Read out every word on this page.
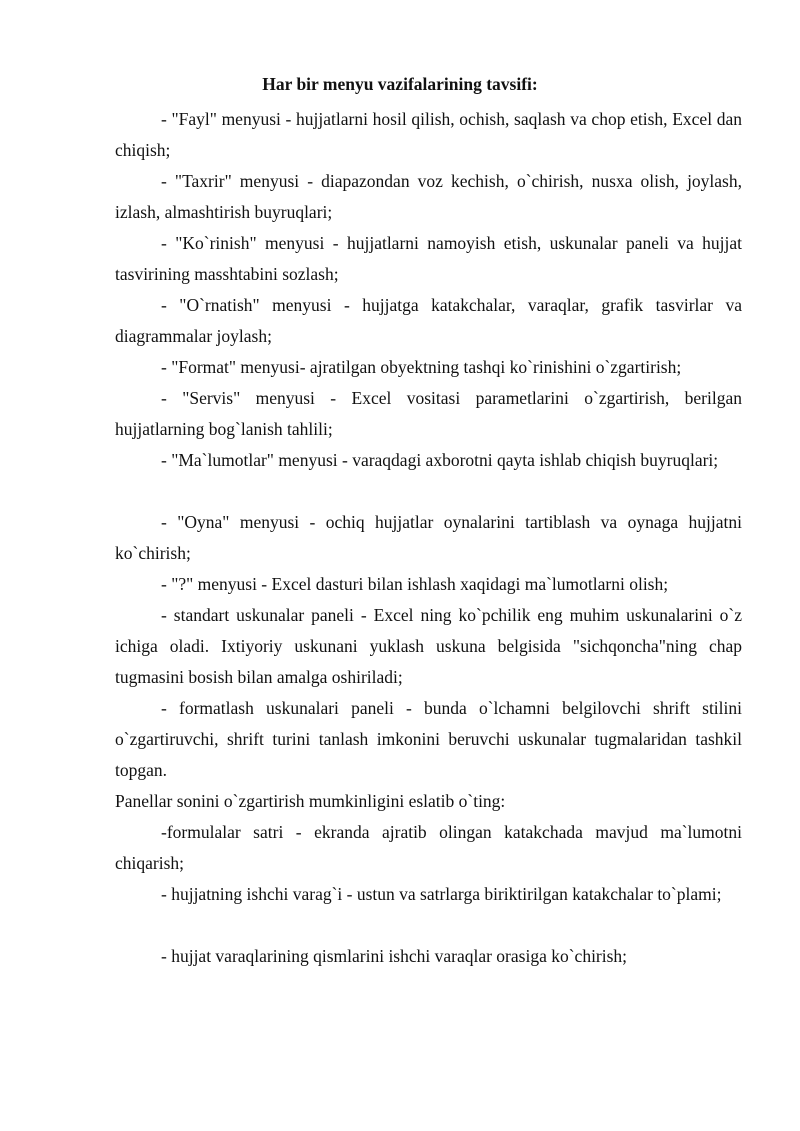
Har bir menyu vazifalarining tavsifi:
- "Fayl" menyusi - hujjatlarni hosil qilish, ochish, saqlash va chop etish, Excel dan chiqish;
- "Taxrir" menyusi - diapazondan voz kechish, o`chirish, nusxa olish, joylash, izlash, almashtirish buyruqlari;
- "Ko`rinish" menyusi - hujjatlarni namoyish etish, uskunalar paneli va hujjat tasvirining masshtabini sozlash;
- "O`rnatish" menyusi - hujjatga katakchalar, varaqlar, grafik tasvirlar va diagrammalar joylash;
- "Format" menyusi- ajratilgan obyektning tashqi ko`rinishini o`zgartirish;
- "Servis" menyusi - Excel vositasi parametlarini o`zgartirish, berilgan hujjatlarning bog`lanish tahlili;
- "Ma`lumotlar" menyusi - varaqdagi axborotni qayta ishlab chiqish buyruqlari;
- "Oyna" menyusi - ochiq hujjatlar oynalarini tartiblash va oynaga hujjatni ko`chirish;
- "?" menyusi - Excel dasturi bilan ishlash xaqidagi ma`lumotlarni olish;
- standart uskunalar paneli - Excel ning ko`pchilik eng muhim uskunalarini o`z ichiga oladi. Ixtiyoriy uskunani yuklash uskuna belgisida "sichqoncha"ning chap tugmasini bosish bilan amalga oshiriladi;
- formatlash uskunalari paneli - bunda o`lchamni belgilovchi shrift stilini o`zgartiruvchi, shrift turini tanlash imkonini beruvchi uskunalar tugmalaridan tashkil topgan.
Panellar sonini o`zgartirish mumkinligini eslatib o`ting:
-formulalar satri - ekranda ajratib olingan katakchada mavjud ma`lumotni chiqarish;
- hujjatning ishchi varag`i - ustun va satrlarga biriktirilgan katakchalar to`plami;
- hujjat varaqlarining qismlarini ishchi varaqlar orasiga ko`chirish;
